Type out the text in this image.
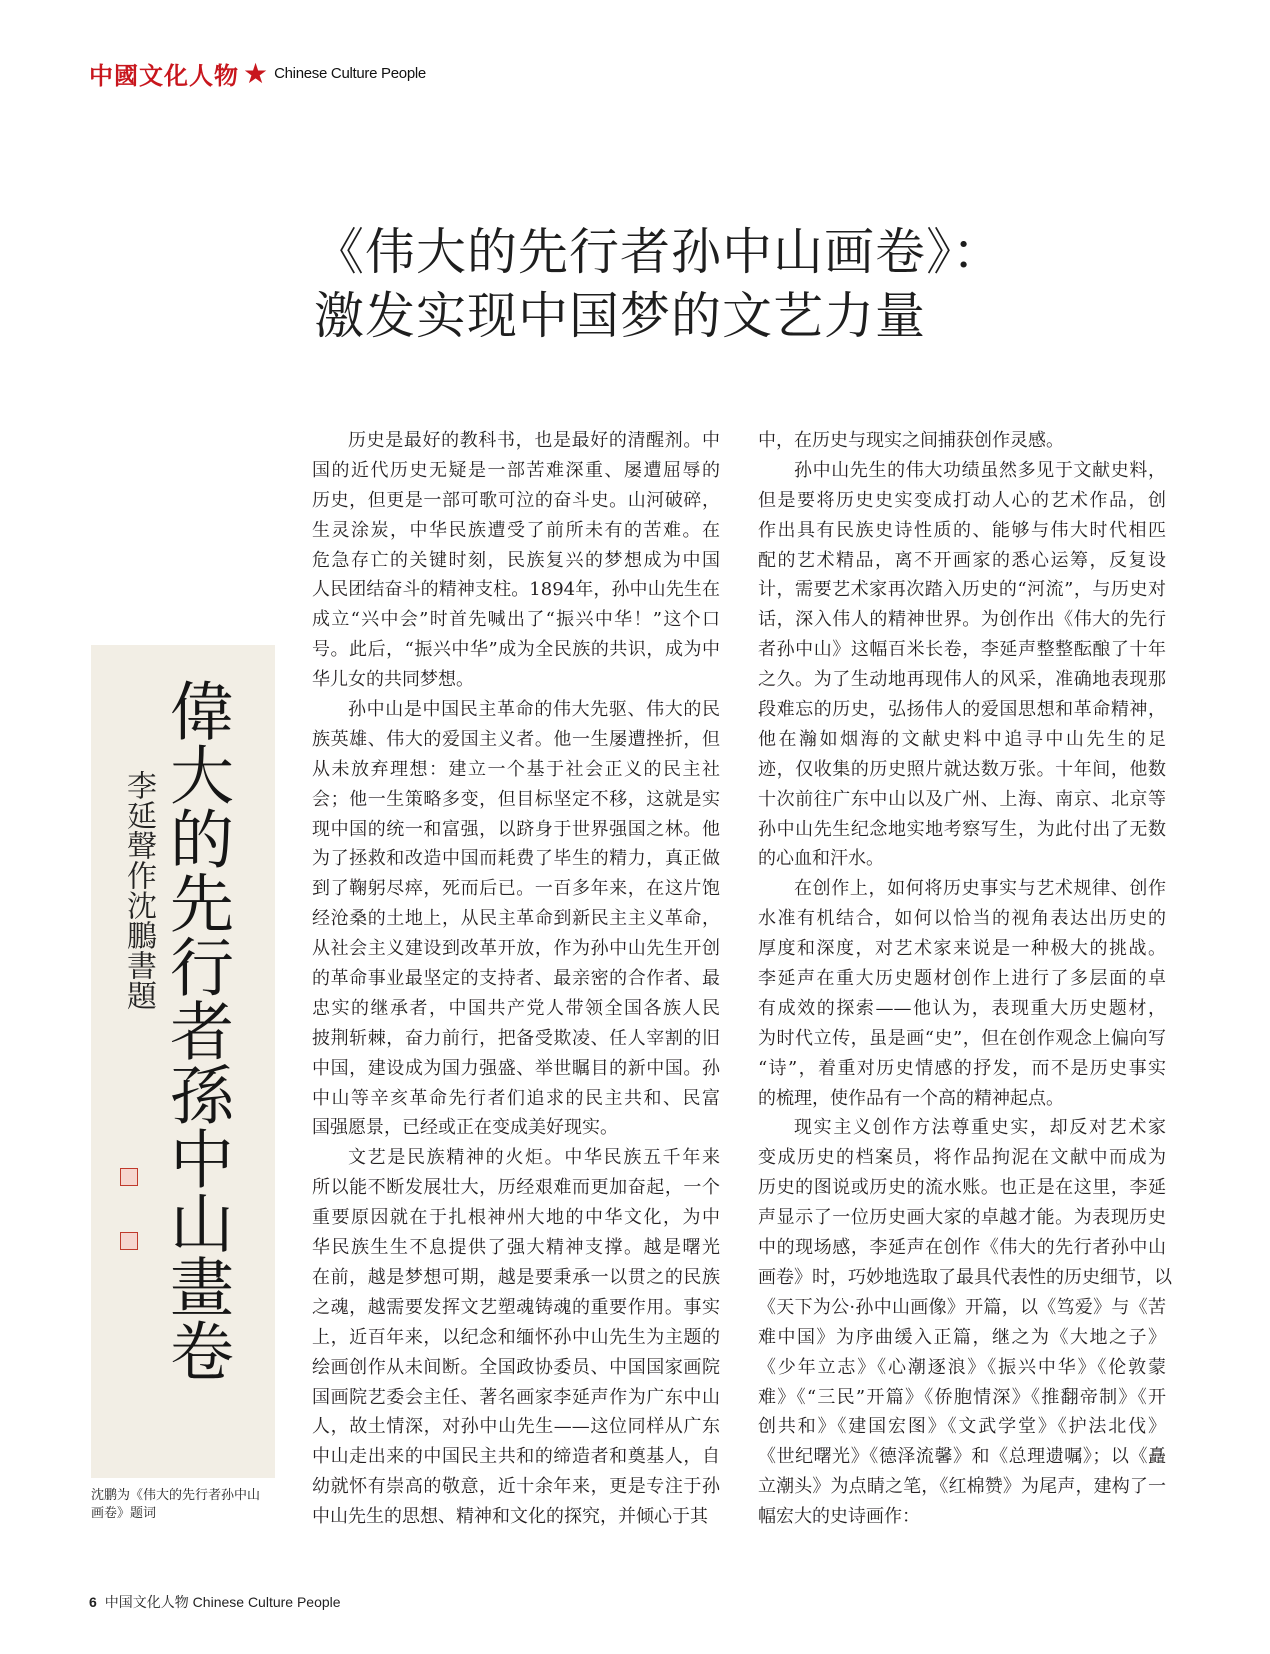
中國文化人物 ★ Chinese Culture People
《伟大的先行者孙中山画卷》：
激发实现中国梦的文艺力量
偉大的先行者孫中山畫卷
李延聲作沈鵬書題
沈鹏为《伟大的先行者孙中山
画卷》题词
历史是最好的教科书，也是最好的清醒剂。中
国的近代历史无疑是一部苦难深重、屡遭屈辱的
历史，但更是一部可歌可泣的奋斗史。山河破碎，
生灵涂炭，中华民族遭受了前所未有的苦难。在
危急存亡的关键时刻，民族复兴的梦想成为中国
人民团结奋斗的精神支柱。1894年，孙中山先生在
成立“兴中会”时首先喊出了“振兴中华！”这个口
号。此后，“振兴中华”成为全民族的共识，成为中
华儿女的共同梦想。
孙中山是中国民主革命的伟大先驱、伟大的民
族英雄、伟大的爱国主义者。他一生屡遭挫折，但
从未放弃理想：建立一个基于社会正义的民主社
会；他一生策略多变，但目标坚定不移，这就是实
现中国的统一和富强，以跻身于世界强国之林。他
为了拯救和改造中国而耗费了毕生的精力，真正做
到了鞠躬尽瘁，死而后已。一百多年来，在这片饱
经沧桑的土地上，从民主革命到新民主主义革命，
从社会主义建设到改革开放，作为孙中山先生开创
的革命事业最坚定的支持者、最亲密的合作者、最
忠实的继承者，中国共产党人带领全国各族人民
披荆斩棘，奋力前行，把备受欺凌、任人宰割的旧
中国，建设成为国力强盛、举世瞩目的新中国。孙
中山等辛亥革命先行者们追求的民主共和、民富
国强愿景，已经或正在变成美好现实。
文艺是民族精神的火炬。中华民族五千年来
所以能不断发展壮大，历经艰难而更加奋起，一个
重要原因就在于扎根神州大地的中华文化，为中
华民族生生不息提供了强大精神支撑。越是曙光
在前，越是梦想可期，越是要秉承一以贯之的民族
之魂，越需要发挥文艺塑魂铸魂的重要作用。事实
上，近百年来，以纪念和缅怀孙中山先生为主题的
绘画创作从未间断。全国政协委员、中国国家画院
国画院艺委会主任、著名画家李延声作为广东中山
人，故土情深，对孙中山先生——这位同样从广东
中山走出来的中国民主共和的缔造者和奠基人，自
幼就怀有崇高的敬意，近十余年来，更是专注于孙
中山先生的思想、精神和文化的探究，并倾心于其
中，在历史与现实之间捕获创作灵感。
孙中山先生的伟大功绩虽然多见于文献史料，
但是要将历史史实变成打动人心的艺术作品，创
作出具有民族史诗性质的、能够与伟大时代相匹
配的艺术精品，离不开画家的悉心运筹，反复设
计，需要艺术家再次踏入历史的“河流”，与历史对
话，深入伟人的精神世界。为创作出《伟大的先行
者孙中山》这幅百米长卷，李延声整整酝酿了十年
之久。为了生动地再现伟人的风采，准确地表现那
段难忘的历史，弘扬伟人的爱国思想和革命精神，
他在瀚如烟海的文献史料中追寻中山先生的足
迹，仅收集的历史照片就达数万张。十年间，他数
十次前往广东中山以及广州、上海、南京、北京等
孙中山先生纪念地实地考察写生，为此付出了无数
的心血和汗水。
在创作上，如何将历史事实与艺术规律、创作
水准有机结合，如何以恰当的视角表达出历史的
厚度和深度，对艺术家来说是一种极大的挑战。
李延声在重大历史题材创作上进行了多层面的卓
有成效的探索——他认为，表现重大历史题材，
为时代立传，虽是画“史”，但在创作观念上偏向写
“诗”，着重对历史情感的抒发，而不是历史事实
的梳理，使作品有一个高的精神起点。
现实主义创作方法尊重史实，却反对艺术家
变成历史的档案员，将作品拘泥在文献中而成为
历史的图说或历史的流水账。也正是在这里，李延
声显示了一位历史画大家的卓越才能。为表现历史
中的现场感，李延声在创作《伟大的先行者孙中山
画卷》时，巧妙地选取了最具代表性的历史细节，以
《天下为公·孙中山画像》开篇，以《笃爱》与《苦
难中国》为序曲缓入正篇，继之为《大地之子》
《少年立志》《心潮逐浪》《振兴中华》《伦敦蒙
难》《“三民”开篇》《侨胞情深》《推翻帝制》《开
创共和》《建国宏图》《文武学堂》《护法北伐》
《世纪曙光》《德泽流馨》和《总理遗嘱》；以《矗
立潮头》为点睛之笔，《红棉赞》为尾声，建构了一
幅宏大的史诗画作：
6 中国文化人物 Chinese Culture People
